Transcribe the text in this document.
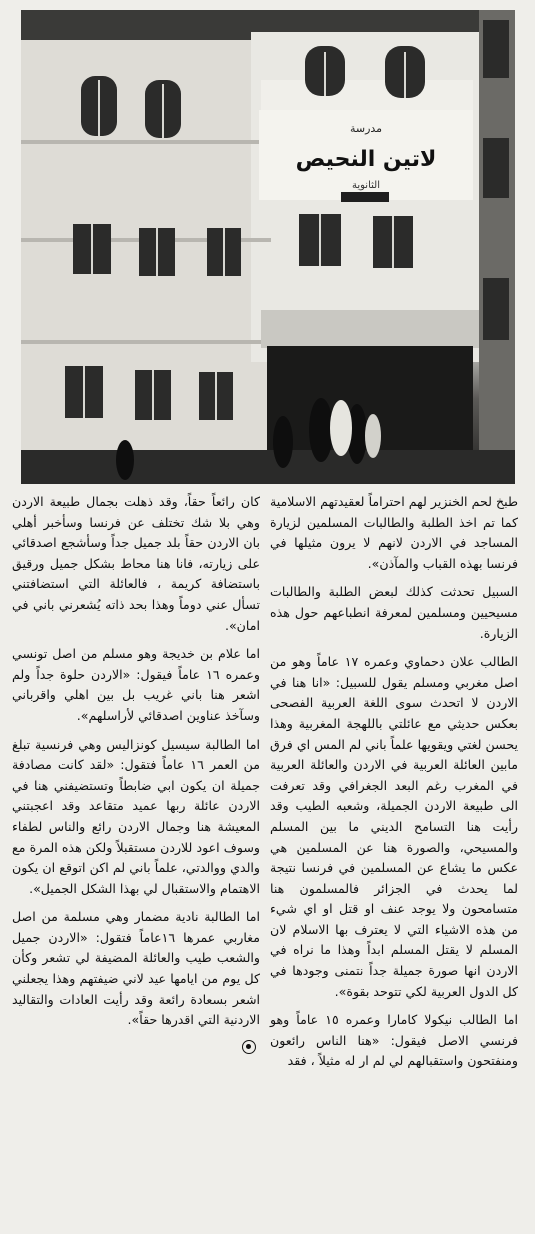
مدرسة
لاتين النحيص
الثانوية

طبخ لحم الخنزير لهم احتراماً لعقيدتهم الاسلامية كما تم اخذ الطلبة والطالبات المسلمين لزيارة المساجد في الاردن لانهم لا يرون مثيلها في فرنسا بهذه القباب والمآذن».

السبيل تحدثت كذلك لبعض الطلبة والطالبات مسيحيين ومسلمين لمعرفة انطباعهم حول هذه الزيارة.

الطالب علان دحماوي وعمره ١٧ عاماً وهو من اصل مغربي ومسلم يقول للسبيل: «انا هنا في الاردن لا اتحدث سوى اللغة العربية الفصحى بعكس حديثي مع عائلتي باللهجة المغربية وهذا يحسن لغتي ويقويها علماً باني لم المس اي فرق مابين العائلة العربية في الاردن والعائلة العربية في المغرب رغم البعد الجغرافي وقد تعرفت الى طبيعة الاردن الجميلة، وشعبه الطيب وقد رأيت هنا التسامح الديني ما بين المسلم والمسيحي، والصورة هنا عن المسلمين هي عكس ما يشاع عن المسلمين في فرنسا نتيجة لما يحدث في الجزائر فالمسلمون هنا متسامحون ولا يوجد عنف او قتل او اي شيء من هذه الاشياء التي لا يعترف بها الاسلام لان المسلم لا يقتل المسلم ابداً وهذا ما نراه في الاردن انها صورة جميلة جداً نتمنى وجودها في كل الدول العربية لكي تتوحد بقوة».

اما الطالب نيكولا كامارا وعمره ١٥ عاماً وهو فرنسي الاصل فيقول: «هنا الناس رائعون ومنفتحون واستقبالهم لي لم ار له مثيلاً ، فقد

كان رائعاً حقاً، وقد ذهلت بجمال طبيعة الاردن وهي بلا شك تختلف عن فرنسا وسأخبر أهلي بان الاردن حقاً بلد جميل جداً وسأشجع اصدقائي على زيارته، فانا هنا محاط بشكل جميل ورقيق باستضافة كريمة ، فالعائلة التي استضافتني تسأل عني دوماً وهذا بحد ذاته يُشعرني باني في امان».

اما علام بن خديجة وهو مسلم من اصل تونسي وعمره ١٦ عاماً فيقول: «الاردن حلوة جداً ولم اشعر هنا باني غريب بل بين اهلي واقرباني وسآخذ عناوين اصدقائي لأراسلهم».

اما الطالبة سيسيل كونزاليس وهي فرنسية تبلغ من العمر ١٦ عاماً فتقول: «لقد كانت مصادفة جميلة ان يكون ابي ضابطاً وتستضيفني هنا في الاردن عائلة ربها عميد متقاعد وقد اعجبتني المعيشة هنا وجمال الاردن رائع والناس لطفاء وسوف اعود للاردن مستقبلاً ولكن هذه المرة مع والدي ووالدتي، علماً باني لم اكن اتوقع ان يكون الاهتمام والاستقبال لي بهذا الشكل الجميل».

اما الطالبة نادية مضمار وهي مسلمة من اصل مغاربي عمرها ١٦عاماً فتقول: «الاردن جميل والشعب طيب والعائلة المضيفة لي تشعر وكأن كل يوم من ايامها عيد لاني ضيفتهم وهذا يجعلني اشعر بسعادة رائعة وقد رأيت العادات والتقاليد الاردنية التي اقدرها حقاً».
